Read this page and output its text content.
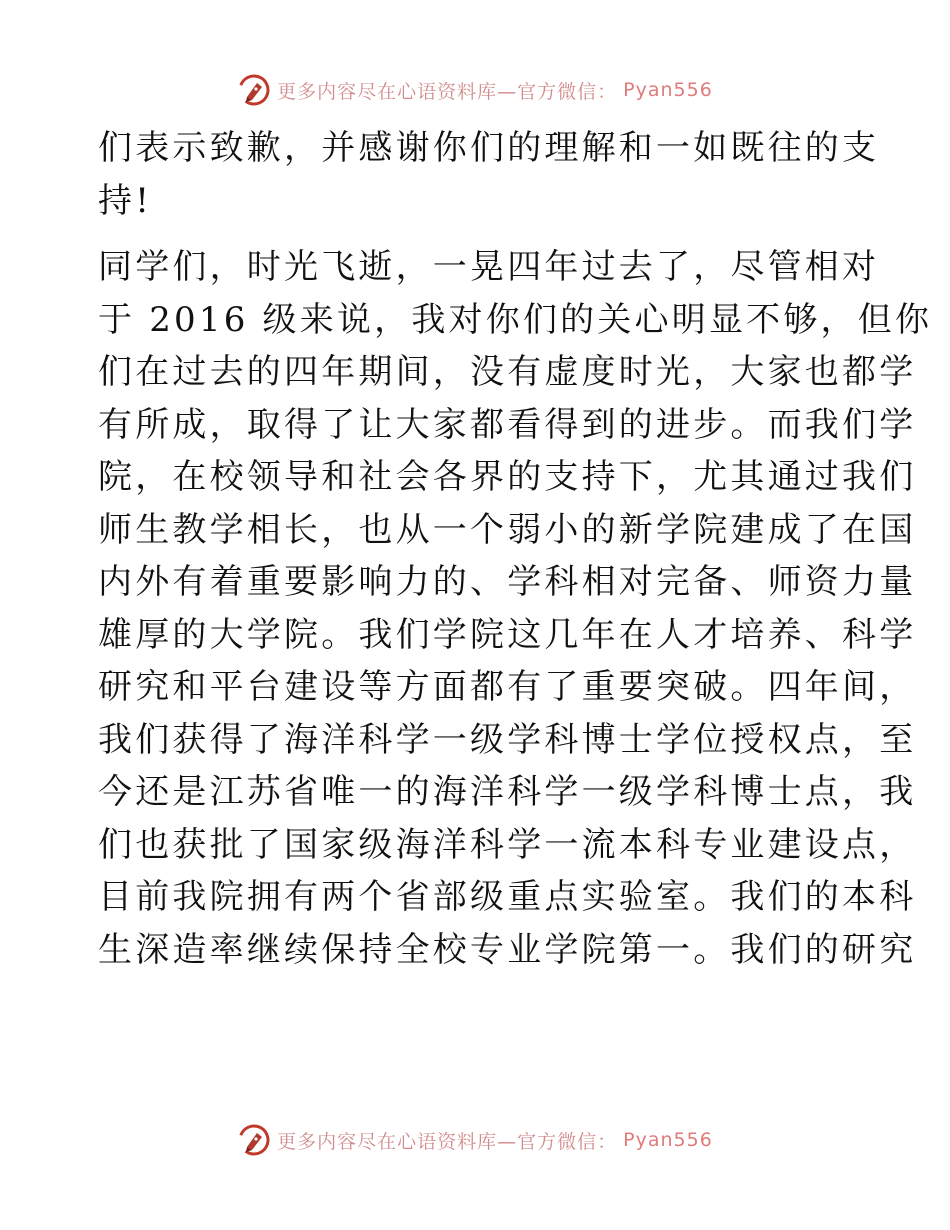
更多内容尽在心语资料库—官方微信： Pyan556
们表示致歉，并感谢你们的理解和一如既往的支
持!
同学们，时光飞逝，一晃四年过去了，尽管相对
于 2016 级来说，我对你们的关心明显不够，但你
们在过去的四年期间，没有虚度时光，大家也都学
有所成，取得了让大家都看得到的进步。而我们学
院，在校领导和社会各界的支持下，尤其通过我们
师生教学相长，也从一个弱小的新学院建成了在国
内外有着重要影响力的、学科相对完备、师资力量
雄厚的大学院。我们学院这几年在人才培养、科学
研究和平台建设等方面都有了重要突破。四年间，
我们获得了海洋科学一级学科博士学位授权点，至
今还是江苏省唯一的海洋科学一级学科博士点，我
们也获批了国家级海洋科学一流本科专业建设点，
目前我院拥有两个省部级重点实验室。我们的本科
生深造率继续保持全校专业学院第一。我们的研究
更多内容尽在心语资料库—官方微信： Pyan556
